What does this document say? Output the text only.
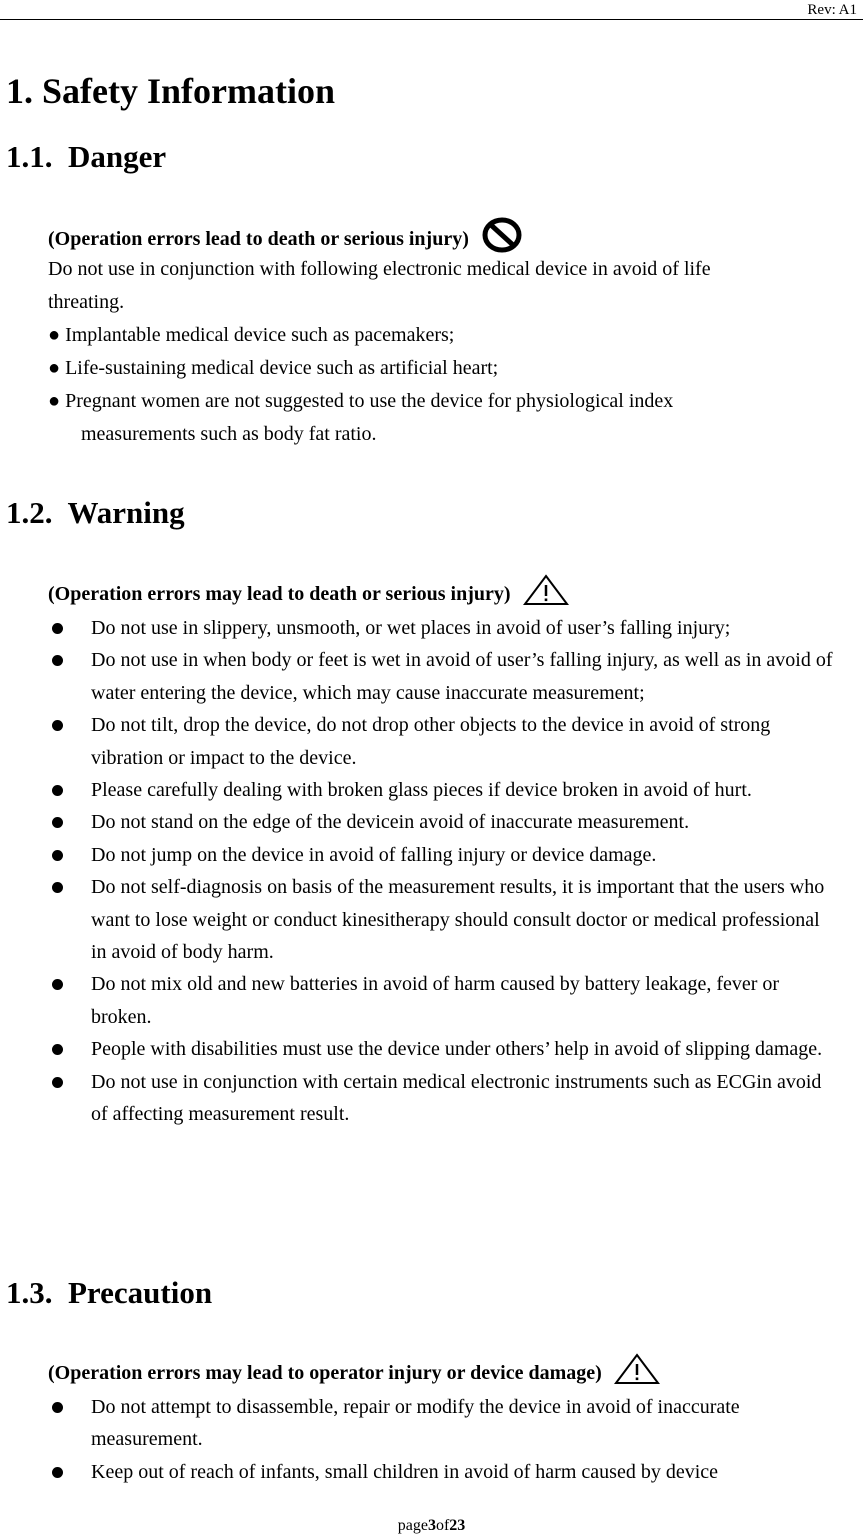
Rev: A1
1. Safety Information
1.1.  Danger
(Operation errors lead to death or serious injury)
Do not use in conjunction with following electronic medical device in avoid of life
threating.
● Implantable medical device such as pacemakers;
● Life-sustaining medical device such as artificial heart;
● Pregnant women are not suggested to use the device for physiological index
measurements such as body fat ratio.
1.2.  Warning
(Operation errors may lead to death or serious injury)
Do not use in slippery, unsmooth, or wet places in avoid of user’s falling injury;
Do not use in when body or feet is wet in avoid of user’s falling injury, as well as in avoid of water entering the device, which may cause inaccurate measurement;
Do not tilt, drop the device, do not drop other objects to the device in avoid of strong vibration or impact to the device.
Please carefully dealing with broken glass pieces if device broken in avoid of hurt.
Do not stand on the edge of the devicein avoid of inaccurate measurement.
Do not jump on the device in avoid of falling injury or device damage.
Do not self-diagnosis on basis of the measurement results, it is important that the users who want to lose weight or conduct kinesitherapy should consult doctor or medical professional in avoid of body harm.
Do not mix old and new batteries in avoid of harm caused by battery leakage, fever or broken.
People with disabilities must use the device under others’ help in avoid of slipping damage.
Do not use in conjunction with certain medical electronic instruments such as ECGin avoid of affecting measurement result.
1.3.  Precaution
(Operation errors may lead to operator injury or device damage)
Do not attempt to disassemble, repair or modify the device in avoid of inaccurate measurement.
Keep out of reach of infants, small children in avoid of harm caused by device
page3of23
